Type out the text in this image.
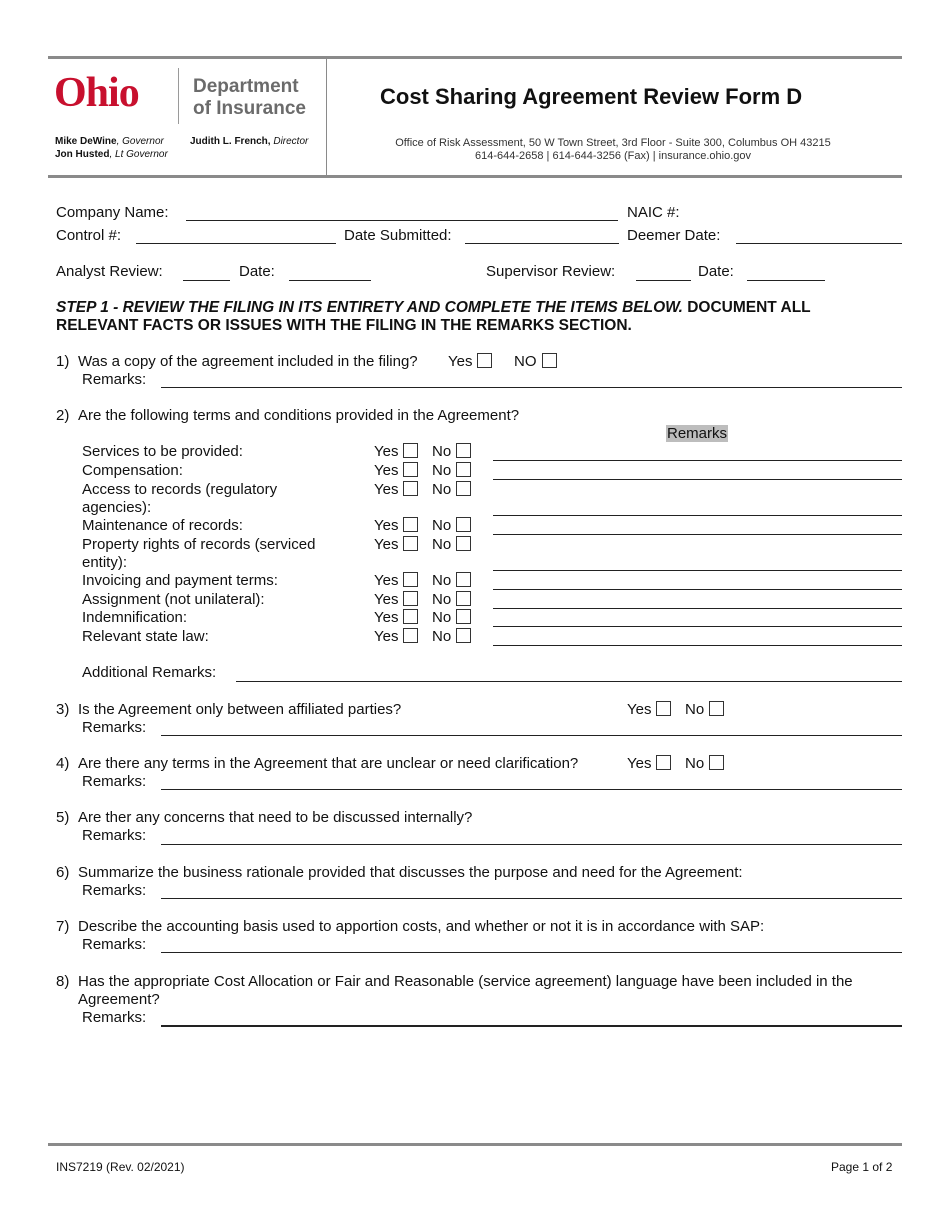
Ohio	Department
of Insurance
Mike DeWine, Governor
Jon Husted, Lt Governor
Judith L. French, Director
Cost Sharing Agreement Review Form D
Office of Risk Assessment, 50 W Town Street, 3rd Floor - Suite 300, Columbus OH 43215
614-644-2658 | 614-644-3256 (Fax) | insurance.ohio.gov
Company Name:	NAIC #:
Control #:	Date Submitted:	Deemer Date:
Analyst Review:	Date:	Supervisor Review:	Date:
STEP 1 - REVIEW THE FILING IN ITS ENTIRETY AND COMPLETE THE ITEMS BELOW. DOCUMENT ALL
RELEVANT FACTS OR ISSUES WITH THE FILING IN THE REMARKS SECTION.
1) Was a copy of the agreement included in the filing? Yes	NO
Remarks:
2) Are the following terms and conditions provided in the Agreement?
Remarks
Services to be provided:	Yes	No
Compensation:	Yes	No
Access to records (regulatory
agencies):
Yes	No
Maintenance of records:	Yes	No
Property rights of records (serviced
entity):
Yes	No
Invoicing and payment terms:	Yes	No
Assignment (not unilateral):	Yes	No
Indemnification:	Yes	No
Relevant state law:	Yes	No
Additional Remarks:
3) Is the Agreement only between affiliated parties?	Yes	No
Remarks:
4) Are there any terms in the Agreement that are unclear or need clarification?	Yes	No
Remarks:
5) Are ther any concerns that need to be discussed internally?
Remarks:
6) Summarize the business rationale provided that discusses the purpose and need for the Agreement:
Remarks:
7) Describe the accounting basis used to apportion costs, and whether or not it is in accordance with SAP:
Remarks:
8) Has the appropriate Cost Allocation or Fair and Reasonable (service agreement) language have been included in the
Agreement?
Remarks:
INS7219 (Rev. 02/2021)	Page 1 of 2
